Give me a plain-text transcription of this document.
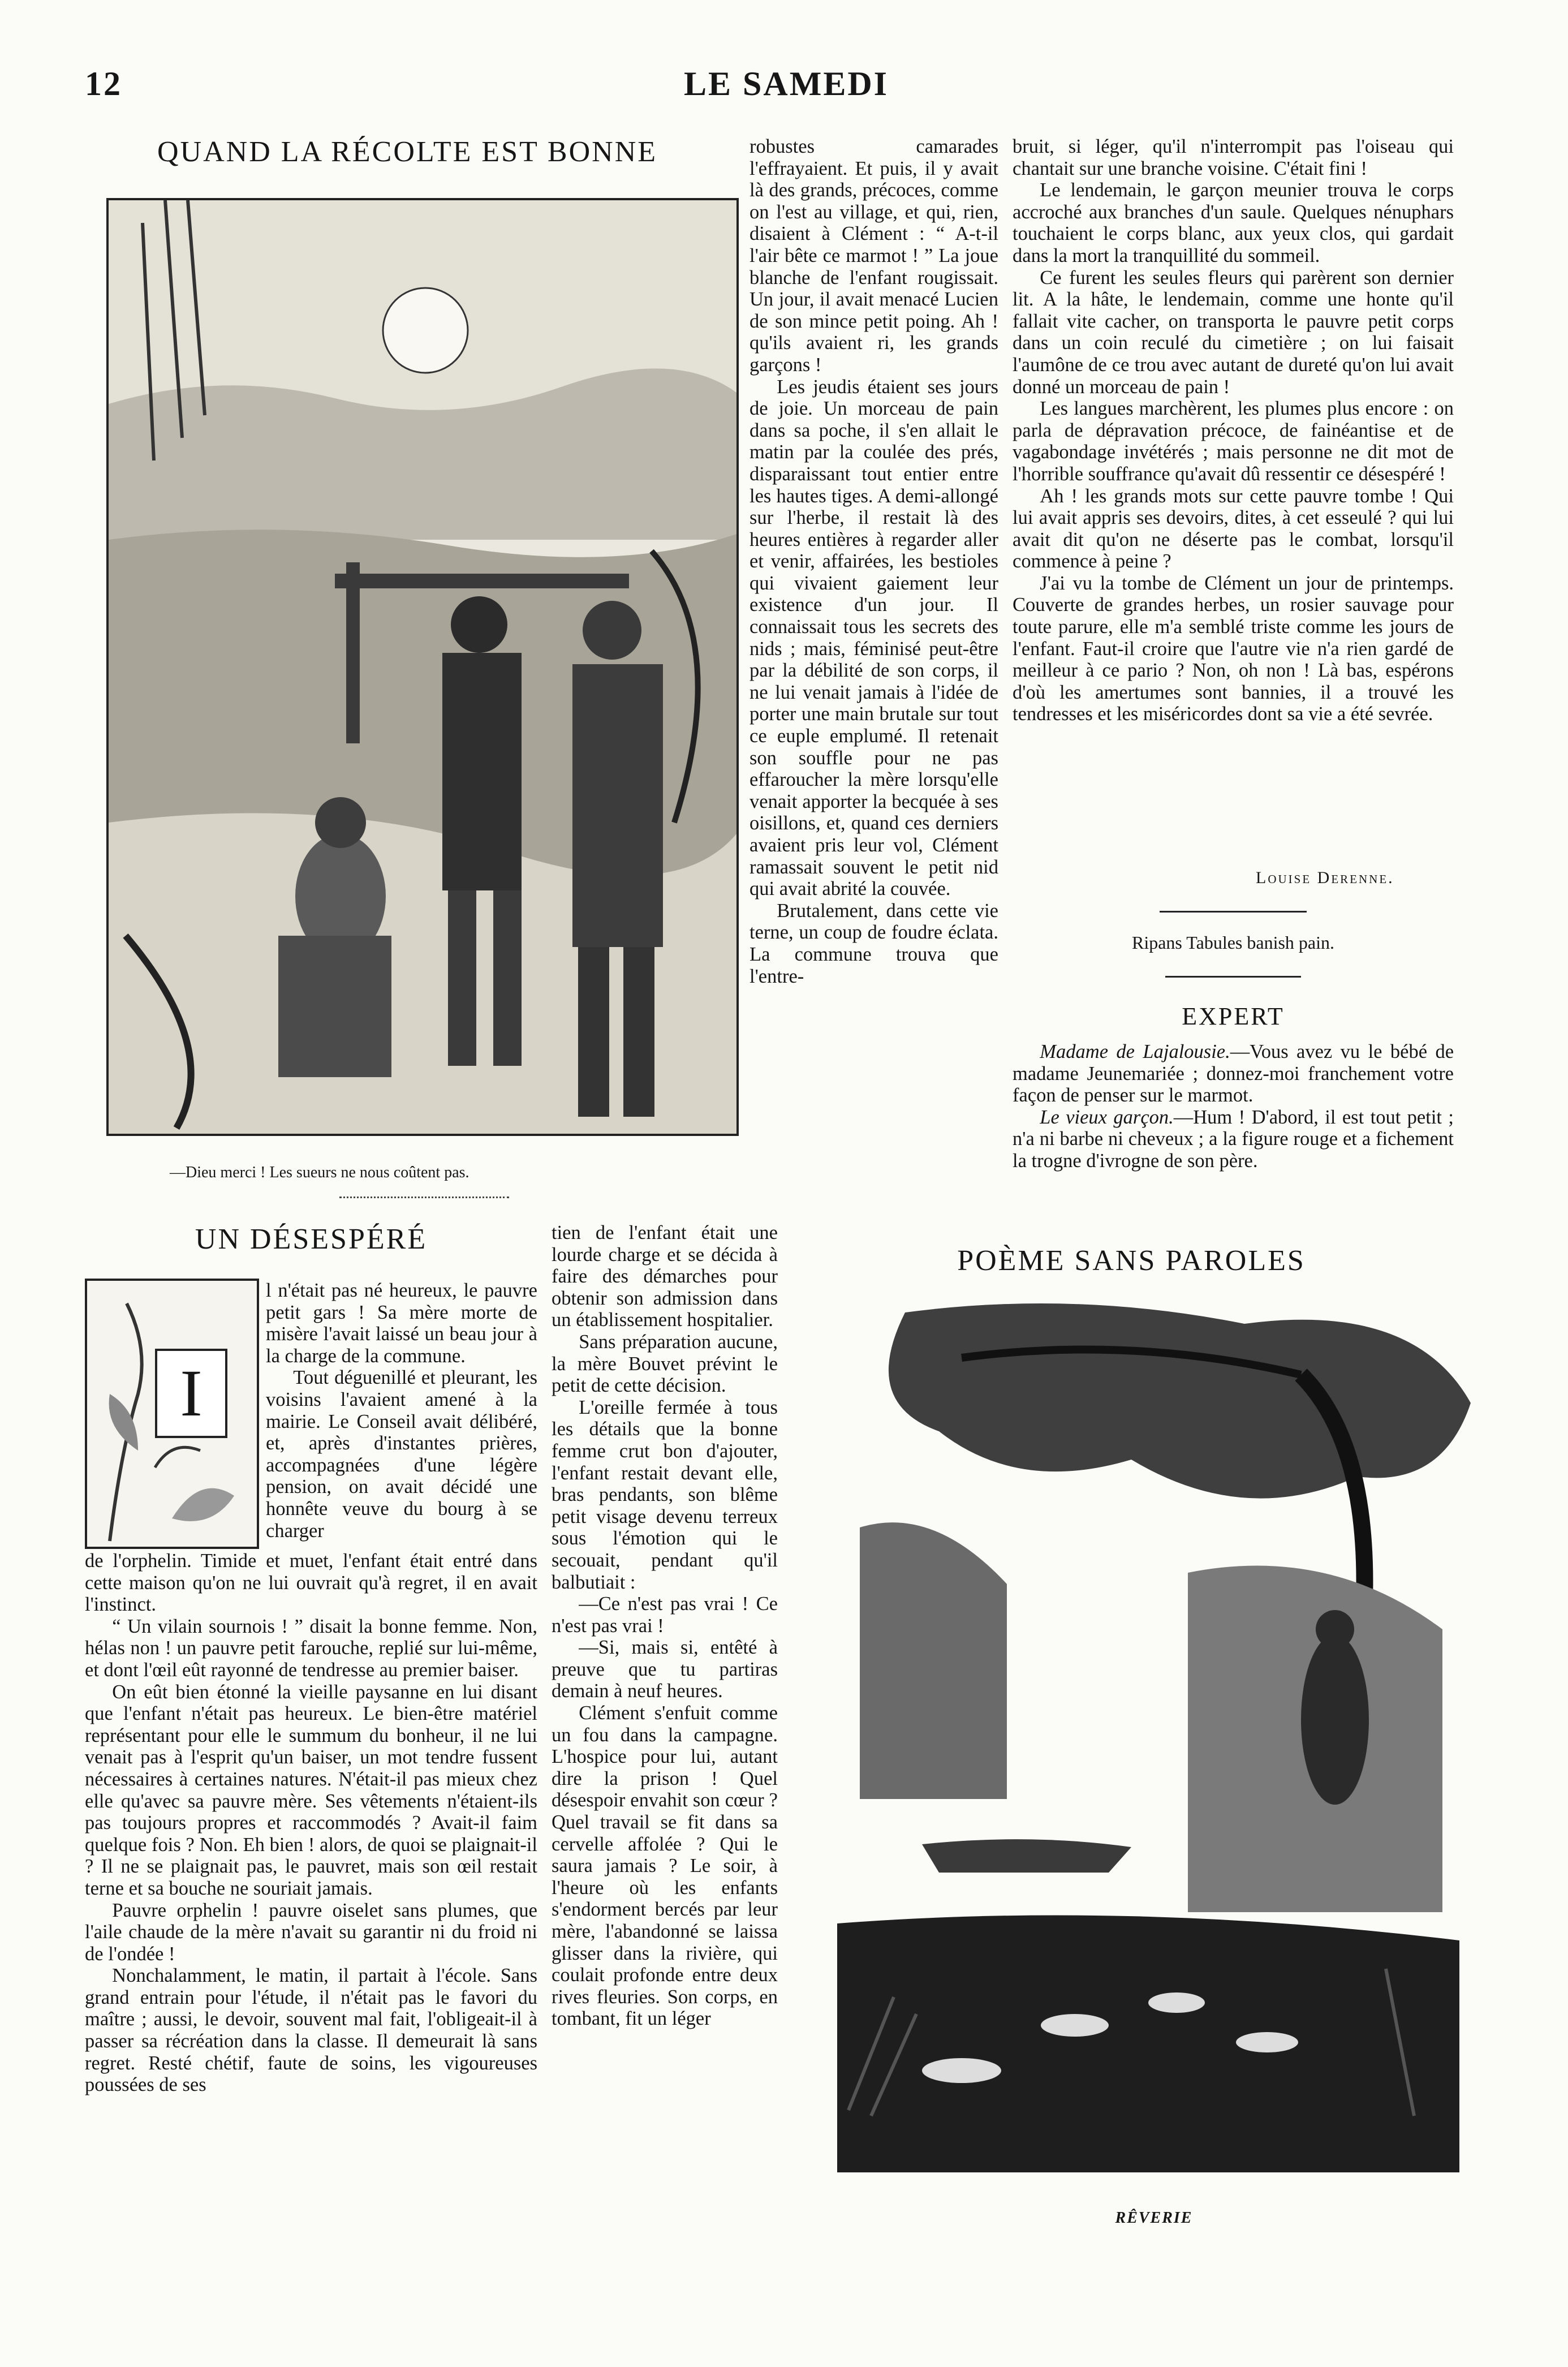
12	LE SAMEDI
QUAND LA RÉCOLTE EST BONNE
—Dieu merci ! Les sueurs ne nous coûtent pas.

robustes camarades l'effrayaient. Et puis, il y avait là des grands, précoces, comme on l'est au village, et qui, rien, disaient à Clément : “ A-t-il l'air bête ce marmot ! ” La joue blanche de l'enfant rougissait. Un jour, il avait menacé Lucien de son mince petit poing. Ah ! qu'ils avaient ri, les grands garçons !

Les jeudis étaient ses jours de joie. Un morceau de pain dans sa poche, il s'en allait le matin par la coulée des prés, disparaissant tout entier entre les hautes tiges. A demi-allongé sur l'herbe, il restait là des heures entières à regarder aller et venir, affairées, les bestioles qui vivaient gaiement leur existence d'un jour. Il connaissait tous les secrets des nids ; mais, féminisé peut-être par la débilité de son corps, il ne lui venait jamais à l'idée de porter une main brutale sur tout ce euple emplumé. Il retenait son souffle pour ne pas effaroucher la mère lorsqu'elle venait apporter la becquée à ses oisillons, et, quand ces derniers avaient pris leur vol, Clément ramassait souvent le petit nid qui avait abrité la couvée.

Brutalement, dans cette vie terne, un coup de foudre éclata. La commune trouva que l'entre-

bruit, si léger, qu'il n'interrompit pas l'oiseau qui chantait sur une branche voisine. C'était fini !

Le lendemain, le garçon meunier trouva le corps accroché aux branches d'un saule. Quelques nénuphars touchaient le corps blanc, aux yeux clos, qui gardait dans la mort la tranquillité du sommeil.

Ce furent les seules fleurs qui parèrent son dernier lit. A la hâte, le lendemain, comme une honte qu'il fallait vite cacher, on transporta le pauvre petit corps dans un coin reculé du cimetière ; on lui faisait l'aumône de ce trou avec autant de dureté qu'on lui avait donné un morceau de pain !

Les langues marchèrent, les plumes plus encore : on parla de dépravation précoce, de fainéantise et de vagabondage invétérés ; mais personne ne dit mot de l'horrible souffrance qu'avait dû ressentir ce désespéré !

Ah ! les grands mots sur cette pauvre tombe ! Qui lui avait appris ses devoirs, dites, à cet esseulé ? qui lui avait dit qu'on ne déserte pas le combat, lorsqu'il commence à peine ?

J'ai vu la tombe de Clément un jour de printemps. Couverte de grandes herbes, un rosier sauvage pour toute parure, elle m'a semblé triste comme les jours de l'enfant. Faut-il croire que l'autre vie n'a rien gardé de meilleur à ce pario ? Non, oh non ! Là bas, espérons d'où les amertumes sont bannies, il a trouvé les tendresses et les miséricordes dont sa vie a été sevrée.

Louise Derenne.
Ripans Tabules banish pain.
EXPERT

Madame de Lajalousie.—Vous avez vu le bébé de madame Jeunemariée ; donnez-moi franchement votre façon de penser sur le marmot.

Le vieux garçon.—Hum ! D'abord, il est tout petit ; n'a ni barbe ni cheveux ; a la figure rouge et a fichement la trogne d'ivrogne de son père.

UN DÉSESPÉRÉ
I

l n'était pas né heureux, le pauvre petit gars ! Sa mère morte de misère l'avait laissé un beau jour à la charge de la commune.

Tout déguenillé et pleurant, les voisins l'avaient amené à la mairie. Le Conseil avait délibéré, et, après d'instantes prières, accompagnées d'une légère pension, on avait décidé une honnête veuve du bourg à se charger

de l'orphelin. Timide et muet, l'enfant était entré dans cette maison qu'on ne lui ouvrait qu'à regret, il en avait l'instinct.

“ Un vilain sournois ! ” disait la bonne femme. Non, hélas non ! un pauvre petit farouche, replié sur lui-même, et dont l'œil eût rayonné de tendresse au premier baiser.

On eût bien étonné la vieille paysanne en lui disant que l'enfant n'était pas heureux. Le bien-être matériel représentant pour elle le summum du bonheur, il ne lui venait pas à l'esprit qu'un baiser, un mot tendre fussent nécessaires à certaines natures. N'était-il pas mieux chez elle qu'avec sa pauvre mère. Ses vêtements n'étaient-ils pas toujours propres et raccommodés ? Avait-il faim quelque fois ? Non. Eh bien ! alors, de quoi se plaignait-il ? Il ne se plaignait pas, le pauvret, mais son œil restait terne et sa bouche ne souriait jamais.

Pauvre orphelin ! pauvre oiselet sans plumes, que l'aile chaude de la mère n'avait su garantir ni du froid ni de l'ondée !

Nonchalamment, le matin, il partait à l'école. Sans grand entrain pour l'étude, il n'était pas le favori du maître ; aussi, le devoir, souvent mal fait, l'obligeait-il à passer sa récréation dans la classe. Il demeurait là sans regret. Resté chétif, faute de soins, les vigoureuses poussées de ses

tien de l'enfant était une lourde charge et se décida à faire des démarches pour obtenir son admission dans un établissement hospitalier.

Sans préparation aucune, la mère Bouvet prévint le petit de cette décision.

L'oreille fermée à tous les détails que la bonne femme crut bon d'ajouter, l'enfant restait devant elle, bras pendants, son blême petit visage devenu terreux sous l'émotion qui le secouait, pendant qu'il balbutiait :

—Ce n'est pas vrai ! Ce n'est pas vrai !

—Si, mais si, entêté à preuve que tu partiras demain à neuf heures.

Clément s'enfuit comme un fou dans la campagne. L'hospice pour lui, autant dire la prison ! Quel désespoir envahit son cœur ? Quel travail se fit dans sa cervelle affolée ? Qui le saura jamais ? Le soir, à l'heure où les enfants s'endorment bercés par leur mère, l'abandonné se laissa glisser dans la rivière, qui coulait profonde entre deux rives fleuries. Son corps, en tombant, fit un léger

POÈME SANS PAROLES
RÊVERIE
